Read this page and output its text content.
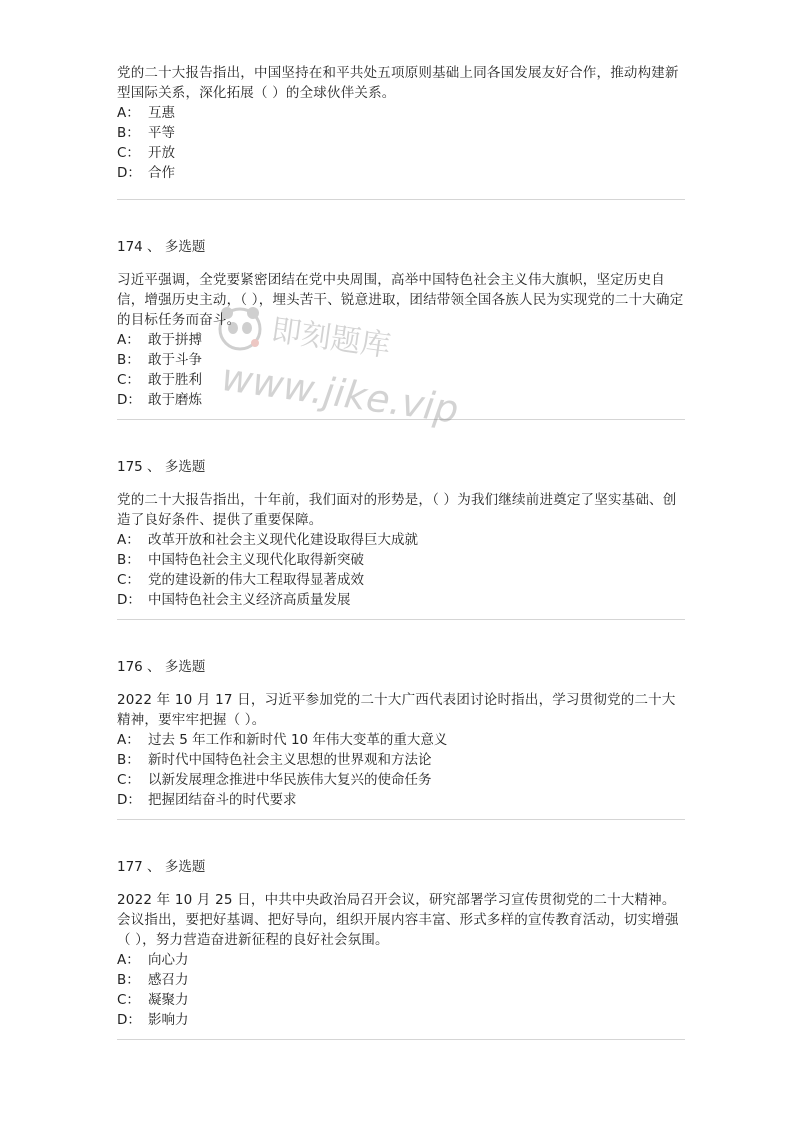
党的二十大报告指出，中国坚持在和平共处五项原则基础上同各国发展友好合作，推动构建新型国际关系，深化拓展（ ）的全球伙伴关系。
A： 互惠
B： 平等
C： 开放
D： 合作
174 、 多选题
习近平强调，全党要紧密团结在党中央周围，高举中国特色社会主义伟大旗帜，坚定历史自信，增强历史主动，（ ），埋头苦干、锐意进取，团结带领全国各族人民为实现党的二十大确定的目标任务而奋斗。
A： 敢于拼搏
B： 敢于斗争
C： 敢于胜利
D： 敢于磨炼
175 、 多选题
党的二十大报告指出，十年前，我们面对的形势是，（ ）为我们继续前进奠定了坚实基础、创造了良好条件、提供了重要保障。
A： 改革开放和社会主义现代化建设取得巨大成就
B： 中国特色社会主义现代化取得新突破
C： 党的建设新的伟大工程取得显著成效
D： 中国特色社会主义经济高质量发展
176 、 多选题
2022 年 10 月 17 日，习近平参加党的二十大广西代表团讨论时指出，学习贯彻党的二十大精神，要牢牢把握（ ）。
A： 过去 5 年工作和新时代 10 年伟大变革的重大意义
B： 新时代中国特色社会主义思想的世界观和方法论
C： 以新发展理念推进中华民族伟大复兴的使命任务
D： 把握团结奋斗的时代要求
177 、 多选题
2022 年 10 月 25 日，中共中央政治局召开会议，研究部署学习宣传贯彻党的二十大精神。会议指出，要把好基调、把好导向，组织开展内容丰富、形式多样的宣传教育活动，切实增强（ ），努力营造奋进新征程的良好社会氛围。
A： 向心力
B： 感召力
C： 凝聚力
D： 影响力
即刻题库
www.jike.vip
